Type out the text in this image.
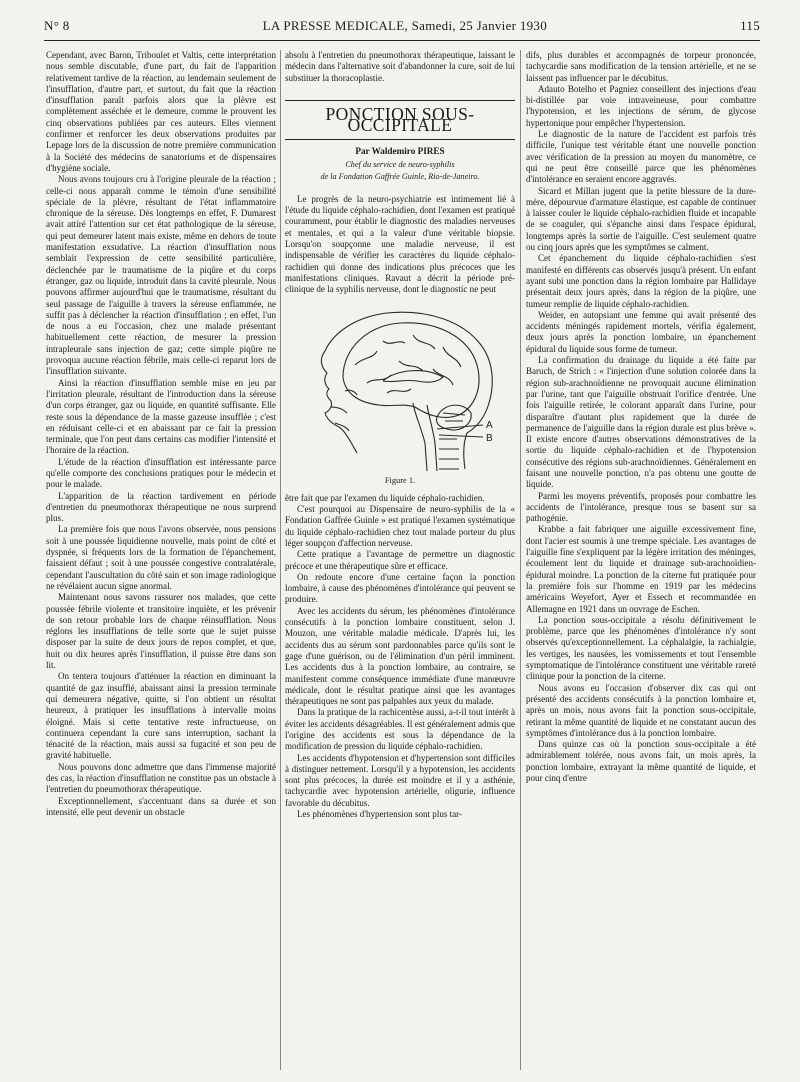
N° 8	LA PRESSE MEDICALE, Samedi, 25 Janvier 1930	115

Cependant, avec Baron, Triboulet et Valtis, cette interprétation nous semble discutable, d'une part, du fait de l'apparition relativement tardive de la réaction, au lendemain seulement de l'insufflation, d'autre part, et surtout, du fait que la réaction d'insufflation paraît parfois alors que la plèvre est complètement asséchée et le demeure, comme le prouvent les cinq observations publiées par ces auteurs. Elles viennent confirmer et renforcer les deux observations produites par Lepage lors de la discussion de notre première communication à la Société des médecins de sanatoriums et de dispensaires d'hygiène sociale.

Nous avons toujours cru à l'origine pleurale de la réaction ; celle-ci nous apparaît comme le témoin d'une sensibilité spéciale de la plèvre, résultant de l'état inflammatoire chronique de la séreuse. Dès longtemps en effet, F. Dumarest avait attiré l'attention sur cet état pathologique de la séreuse, qui peut demeurer latent mais existe, même en dehors de toute manifestation exsudative. La réaction d'insufflation nous semblait l'expression de cette sensibilité particulière, déclenchée par le traumatisme de la piqûre et du corps étranger, gaz ou liquide, introduit dans la cavité pleurale. Nous pouvons affirmer aujourd'hui que le traumatisme, résultant du seul passage de l'aiguille à travers la séreuse enflammée, ne suffit pas à déclencher la réaction d'insufflation ; en effet, l'un de nous a eu l'occasion, chez une malade présentant habituellement cette réaction, de mesurer la pression intrapleurale sans injection de gaz; cette simple piqûre ne provoqua aucune réaction fébrile, mais celle-ci reparut lors de l'insufflation suivante.

Ainsi la réaction d'insufflation semble mise en jeu par l'irritation pleurale, résultant de l'introduction dans la séreuse d'un corps étranger, gaz ou liquide, en quantité suffisante. Elle reste sous la dépendance de la masse gazeuse insufflée ; c'est en réduisant celle-ci et en abaissant par ce fait la pression terminale, que l'on peut dans certains cas modifier l'intensité et l'horaire de la réaction.

L'étude de la réaction d'insufflation est intéressante parce qu'elle comporte des conclusions pratiques pour le médecin et pour le malade.

L'apparition de la réaction tardivement en période d'entretien du pneumothorax thérapeutique ne nous surprend plus.

La première fois que nous l'avons observée, nous pensions soit à une poussée liquidienne nouvelle, mais point de côté et dyspnée, si fréquents lors de la formation de l'épanchement, faisaient défaut ; soit à une poussée congestive contralatérale, cependant l'auscultation du côté sain et son image radiologique ne révélaient aucun signe anormal.

Maintenant nous savons rassurer nos malades, que cette poussée fébrile violente et transitoire inquiète, et les prévenir de son retour probable lors de chaque réinsufflation. Nous réglons les insufflations de telle sorte que le sujet puisse disposer par la suite de deux jours de repos complet, et que, huit ou dix heures après l'insufflation, il puisse être dans son lit.

On tentera toujours d'atténuer la réaction en diminuant la quantité de gaz insufflé, abaissant ainsi la pression terminale qui demeurera négative, quitte, si l'on obtient un résultat heureux, à pratiquer les insufflations à intervalle moins éloigné. Mais si cette tentative reste infructueuse, on continuera cependant la cure sans interruption, sachant la ténacité de la réaction, mais aussi sa fugacité et son peu de gravité habituelle.

Nous pouvons donc admettre que dans l'immense majorité des cas, la réaction d'insufflation ne constitue pas un obstacle à l'entretien du pneumothorax thérapeutique.

Exceptionnellement, s'accentuant dans sa durée et son intensité, elle peut devenir un obstacle

absolu à l'entretien du pneumothorax thérapeutique, laissant le médecin dans l'alternative soit d'abandonner la cure, soit de lui substituer la thoracoplastie.

PONCTION SOUS-OCCIPITALE
Par Waldemiro PIRES
Chef du service de neuro-syphilis
de la Fondation Gaffrée Guinle, Rio-de-Janeiro.

Le progrès de la neuro-psychiatrie est intimement lié à l'étude du liquide céphalo-rachidien, dont l'examen est pratiqué couramment, pour établir le diagnostic des maladies nerveuses et mentales, et qui a la valeur d'une véritable biopsie. Lorsqu'on soupçonne une maladie nerveuse, il est indispensable de vérifier les caractères du liquide céphalo-rachidien qui donne des indications plus précoces que les manifestations cliniques. Ravaut a décrit la période pré-clinique de la syphilis nerveuse, dont le diagnostic ne peut

A
B
Figure 1.

être fait que par l'examen du liquide céphalo-rachidien.

C'est pourquoi au Dispensaire de neuro-syphilis de la « Fondation Gaffrée Guinle » est pratiqué l'examen systématique du liquide céphalo-rachidien chez tout malade porteur du plus léger soupçon d'affection nerveuse.

Cette pratique a l'avantage de permettre un diagnostic précoce et une thérapeutique sûre et efficace.

On redoute encore d'une certaine façon la ponction lombaire, à cause des phénomènes d'intolérance qui peuvent se produire.

Avec les accidents du sérum, les phénomènes d'intolérance consécutifs à la ponction lombaire constituent, selon J. Mouzon, une véritable maladie médicale. D'après lui, les accidents dus au sérum sont pardonnables parce qu'ils sont le gage d'une guérison, ou de l'élimination d'un péril imminent. Les accidents dus à la ponction lombaire, au contraire, se manifestent comme conséquence immédiate d'une manœuvre médicale, dont le résultat pratique ainsi que les avantages thérapeutiques ne sont pas palpables aux yeux du malade.

Dans la pratique de la rachicentèse aussi, a-t-il tout intérêt à éviter les accidents désagréables. Il est généralement admis que l'origine des accidents est sous la dépendance de la modification de pression du liquide céphalo-rachidien.

Les accidents d'hypotension et d'hypertension sont difficiles à distinguer nettement. Lorsqu'il y a hypotension, les accidents sont plus précoces, la durée est moindre et il y a asthénie, tachycardie avec hypotension artérielle, oligurie, influence favorable du décubitus.

Les phénomènes d'hypertension sont plus tar-

difs, plus durables et accompagnés de torpeur prononcée, tachycardie sans modification de la tension artérielle, et ne se laissent pas influencer par le décubitus.

Adauto Botelho et Pagniez conseillent des injections d'eau bi-distillée par voie intraveineuse, pour combattre l'hypotension, et les injections de sérum, de glycose hypertonique pour empêcher l'hypertension.

Le diagnostic de la nature de l'accident est parfois très difficile, l'unique test véritable étant une nouvelle ponction avec vérification de la pression au moyen du manomètre, ce qui ne peut être conseillé parce que les phénomènes d'intolérance en seraient encore aggravés.

Sicard et Millan jugent que la petite blessure de la dure-mère, dépourvue d'armature élastique, est capable de continuer à laisser couler le liquide céphalo-rachidien fluide et incapable de se coaguler, qui s'épanche ainsi dans l'espace épidural, longtemps après la sortie de l'aiguille. C'est seulement quatre ou cinq jours après que les symptômes se calment.

Cet épanchement du liquide céphalo-rachidien s'est manifesté en différents cas observés jusqu'à présent. Un enfant ayant subi une ponction dans la région lombaire par Hallidaye présentait deux jours après, dans la région de la piqûre, une tumeur remplie de liquide céphalo-rachidien.

Weider, en autopsiant une femme qui avait présenté des accidents méningés rapidement mortels, vérifia également, deux jours après la ponction lombaire, un épanchement épidural du liquide sous forme de tumeur.

La confirmation du drainage du liquide a été faite par Baruch, de Strich : « l'injection d'une solution colorée dans la région sub-arachnoïdienne ne provoquait aucune élimination par l'urine, tant que l'aiguille obstruait l'orifice d'entrée. Une fois l'aiguille retirée, le colorant apparaît dans l'urine, pour disparaître d'autant plus rapidement que la durée de permanence de l'aiguille dans la région durale est plus brève ». Il existe encore d'autres observations démonstratives de la sortie du liquide céphalo-rachidien et de l'hypotension consécutive des régions sub-arachnoïdiennes. Généralement en faisant une nouvelle ponction, n'a pas obtenu une goutte de liquide.

Parmi les moyens préventifs, proposés pour combattre les accidents de l'intolérance, presque tous se basent sur sa pathogénie.

Krabbe a fait fabriquer une aiguille excessivement fine, dont l'acier est soumis à une trempe spéciale. Les avantages de l'aiguille fine s'expliquent par la légère irritation des méninges, écoulement lent du liquide et drainage sub-arachnoïdien-épidural moindre. La ponction de la citerne fut pratiquée pour la première fois sur l'homme en 1919 par les médecins américains Weyefort, Ayer et Essech et recommandée en Allemagne en 1921 dans un ouvrage de Eschen.

La ponction sous-occipitale a résolu définitivement le problème, parce que les phénomènes d'intolérance n'y sont observés qu'exceptionnellement. La céphalalgie, la rachialgie, les vertiges, les nausées, les vomissements et tout l'ensemble symptomatique de l'intolérance constituent une véritable rareté clinique pour la ponction de la citerne.

Nous avons eu l'occasion d'observer dix cas qui ont présenté des accidents consécutifs à la ponction lombaire et, après un mois, nous avons fait la ponction sous-occipitale, retirant la même quantité de liquide et ne constatant aucun des symptômes d'intolérance dus à la ponction lombaire.

Dans quinze cas où la ponction sous-occipitale a été admirablement tolérée, nous avons fait, un mois après, la ponction lombaire, extrayant la même quantité de liquide, et pour cinq d'entre
